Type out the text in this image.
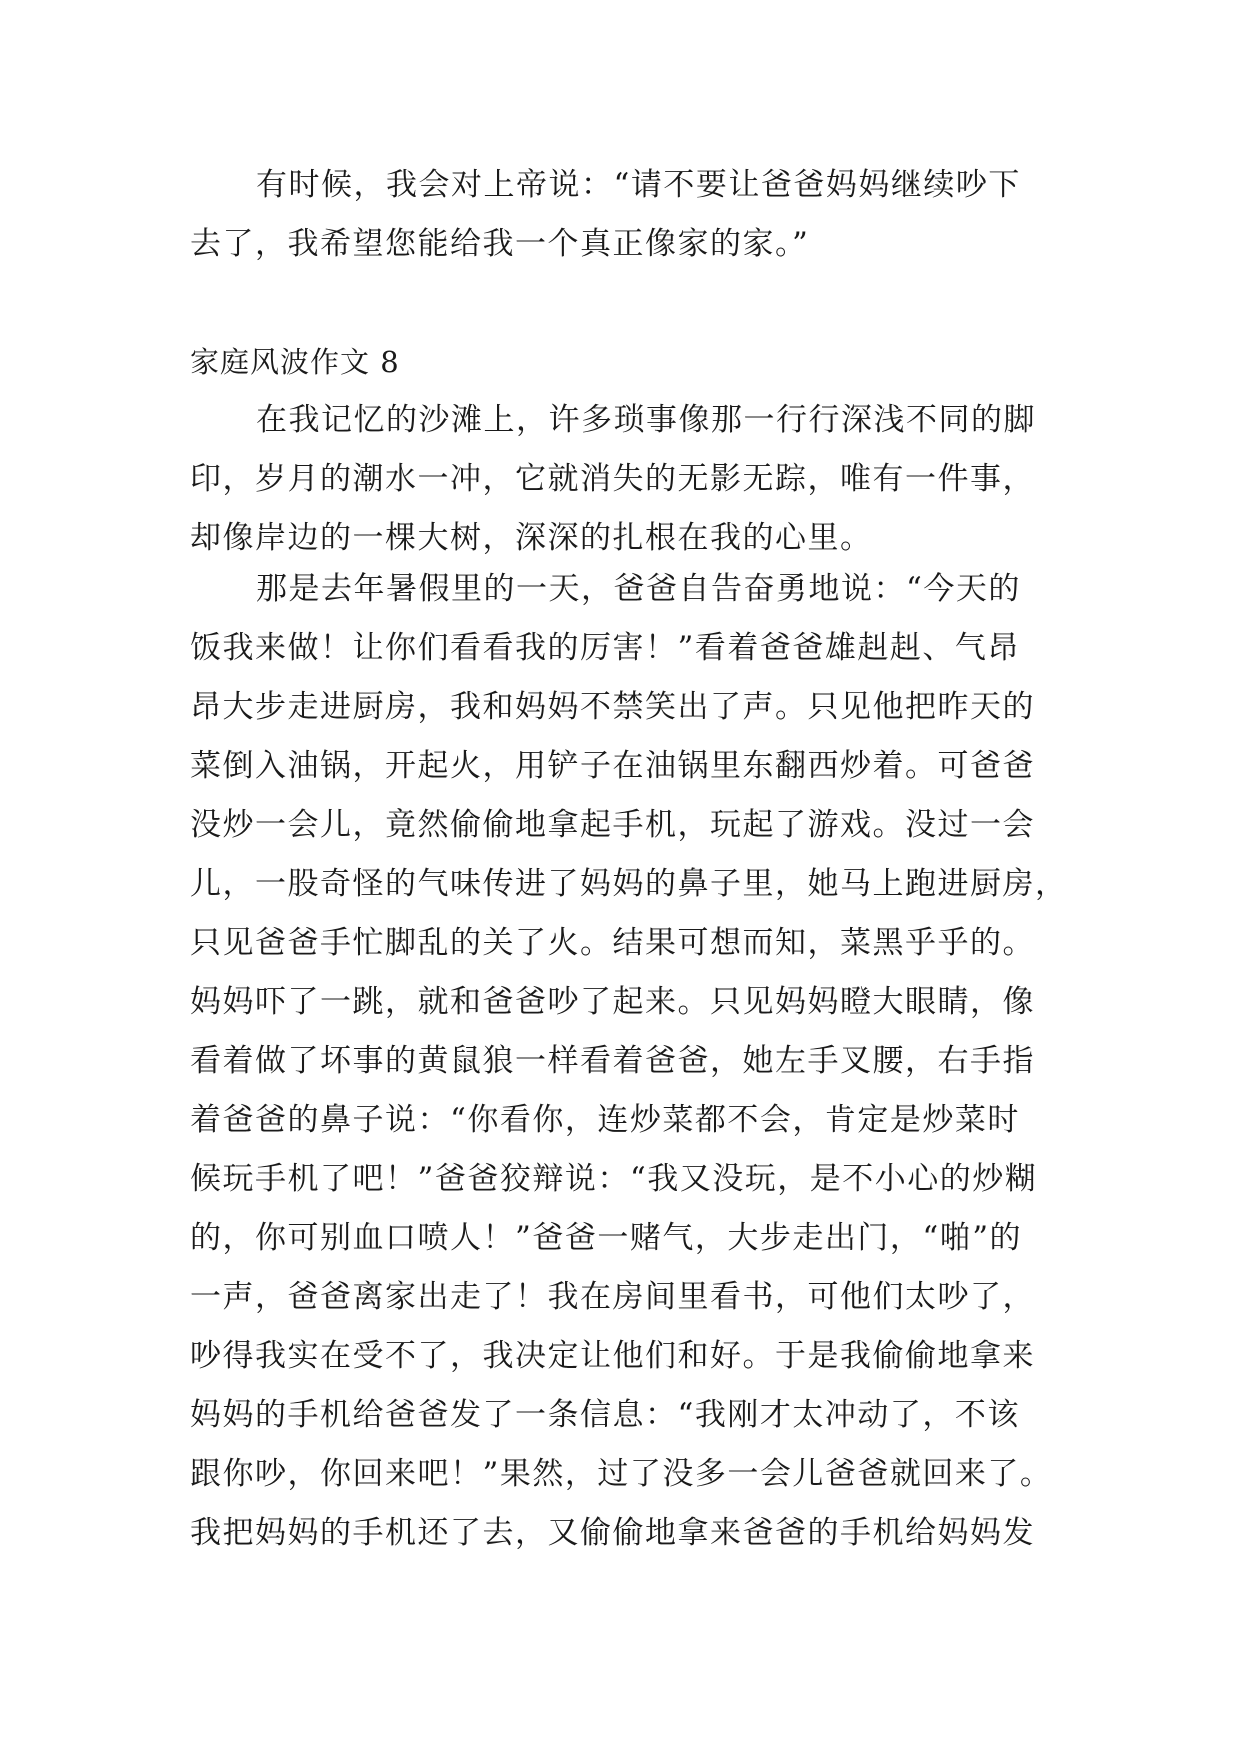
有时候，我会对上帝说：“请不要让爸爸妈妈继续吵下
去了，我希望您能给我一个真正像家的家。”
家庭风波作文 8
在我记忆的沙滩上，许多琐事像那一行行深浅不同的脚
印，岁月的潮水一冲，它就消失的无影无踪，唯有一件事，
却像岸边的一棵大树，深深的扎根在我的心里。
那是去年暑假里的一天，爸爸自告奋勇地说：“今天的
饭我来做！让你们看看我的厉害！”看着爸爸雄赳赳、气昂
昂大步走进厨房，我和妈妈不禁笑出了声。只见他把昨天的
菜倒入油锅，开起火，用铲子在油锅里东翻西炒着。可爸爸
没炒一会儿，竟然偷偷地拿起手机，玩起了游戏。没过一会
儿，一股奇怪的气味传进了妈妈的鼻子里，她马上跑进厨房，
只见爸爸手忙脚乱的关了火。结果可想而知，菜黑乎乎的。
妈妈吓了一跳，就和爸爸吵了起来。只见妈妈瞪大眼睛，像
看着做了坏事的黄鼠狼一样看着爸爸，她左手叉腰，右手指
着爸爸的鼻子说：“你看你，连炒菜都不会，肯定是炒菜时
候玩手机了吧！”爸爸狡辩说：“我又没玩，是不小心的炒糊
的，你可别血口喷人！”爸爸一赌气，大步走出门，“啪”的
一声，爸爸离家出走了！我在房间里看书，可他们太吵了，
吵得我实在受不了，我决定让他们和好。于是我偷偷地拿来
妈妈的手机给爸爸发了一条信息：“我刚才太冲动了，不该
跟你吵，你回来吧！”果然，过了没多一会儿爸爸就回来了。
我把妈妈的手机还了去，又偷偷地拿来爸爸的手机给妈妈发
